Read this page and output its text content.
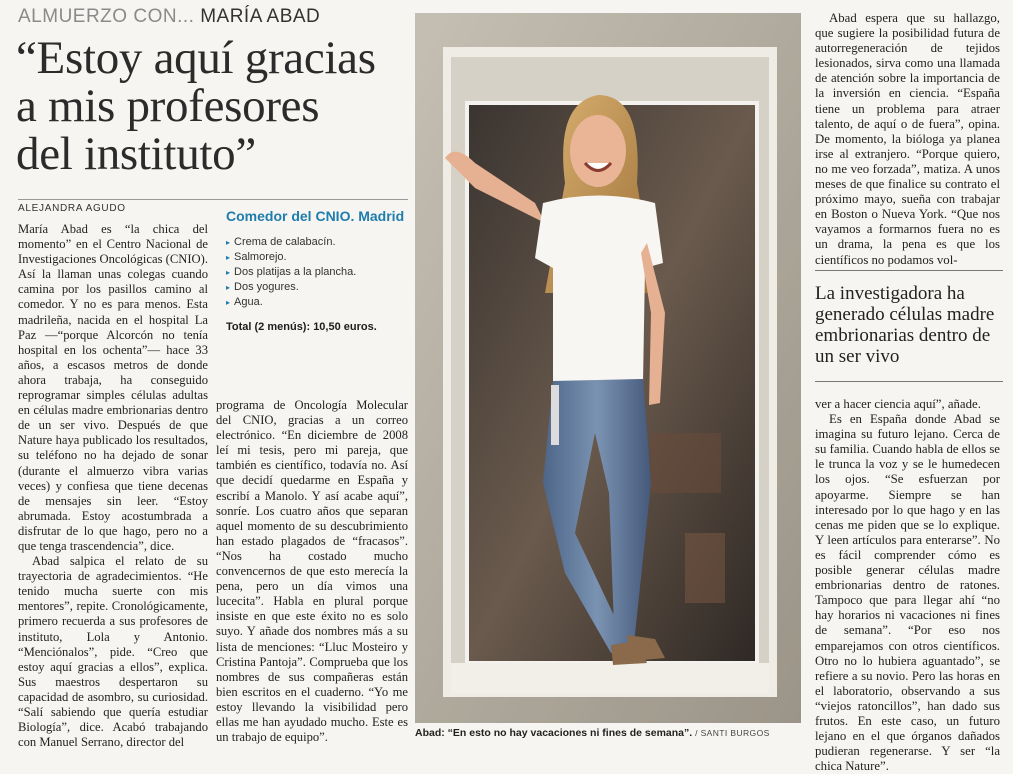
ALMUERZO CON... MARÍA ABAD
“Estoy aquí gracias
a mis profesores
del instituto”
ALEJANDRA AGUDO

María Abad es “la chica del momento” en el Centro Nacional de Investigaciones Oncológicas (CNIO). Así la llaman unas colegas cuando camina por los pasillos camino al comedor. Y no es para menos. Esta madrileña, nacida en el hospital La Paz —“porque Alcorcón no tenía hospital en los ochenta”— hace 33 años, a escasos metros de donde ahora trabaja, ha conseguido reprogramar simples células adultas en células madre embrionarias dentro de un ser vivo. Después de que Nature haya publicado los resultados, su teléfono no ha dejado de sonar (durante el almuerzo vibra varias veces) y confiesa que tiene decenas de mensajes sin leer. “Estoy abrumada. Estoy acostumbrada a disfrutar de lo que hago, pero no a que tenga trascendencia”, dice.

Abad salpica el relato de su trayectoria de agradecimientos. “He tenido mucha suerte con mis mentores”, repite. Cronológicamente, primero recuerda a sus profesores de instituto, Lola y Antonio. “Menciónalos”, pide. “Creo que estoy aquí gracias a ellos”, explica. Sus maestros despertaron su capacidad de asombro, su curiosidad. “Salí sabiendo que quería estudiar Biología”, dice. Acabó trabajando con Manuel Serrano, director del

Comedor del CNIO. Madrid
▸ Crema de calabacín.
▸ Salmorejo.
▸ Dos platijas a la plancha.
▸ Dos yogures.
▸ Agua.
Total (2 menús): 10,50 euros.

programa de Oncología Molecular del CNIO, gracias a un correo electrónico. “En diciembre de 2008 leí mi tesis, pero mi pareja, que también es científico, todavía no. Así que decidí quedarme en España y escribí a Manolo. Y así acabe aquí”, sonríe. Los cuatro años que separan aquel momento de su descubrimiento han estado plagados de “fracasos”. “Nos ha costado mucho convencernos de que esto merecía la pena, pero un día vimos una lucecita”. Habla en plural porque insiste en que este éxito no es solo suyo. Y añade dos nombres más a su lista de menciones: “Lluc Mosteiro y Cristina Pantoja”. Comprueba que los nombres de sus compañeras están bien escritos en el cuaderno. “Yo me estoy llevando la visibilidad pero ellas me han ayudado mucho. Este es un trabajo de equipo”.	Abad: “En esto no hay vacaciones ni fines de semana”. / SANTI BURGOS

Abad espera que su hallazgo, que sugiere la posibilidad futura de autorregeneración de tejidos lesionados, sirva como una llamada de atención sobre la importancia de la inversión en ciencia. “España tiene un problema para atraer talento, de aquí o de fuera”, opina. De momento, la bióloga ya planea irse al extranjero. “Porque quiero, no me veo forzada”, matiza. A unos meses de que finalice su contrato el próximo mayo, sueña con trabajar en Boston o Nueva York. “Que nos vayamos a formarnos fuera no es un drama, la pena es que los científicos no podamos vol-

La investigadora ha generado células madre embrionarias dentro de un ser vivo

ver a hacer ciencia aquí”, añade.

Es en España donde Abad se imagina su futuro lejano. Cerca de su familia. Cuando habla de ellos se le trunca la voz y se le humedecen los ojos. “Se esfuerzan por apoyarme. Siempre se han interesado por lo que hago y en las cenas me piden que se lo explique. Y leen artículos para enterarse”. No es fácil comprender cómo es posible generar células madre embrionarias dentro de ratones. Tampoco que para llegar ahí “no hay horarios ni vacaciones ni fines de semana”. “Por eso nos emparejamos con otros científicos. Otro no lo hubiera aguantado”, se refiere a su novio. Pero las horas en el laboratorio, observando a sus “viejos ratoncillos”, han dado sus frutos. En este caso, un futuro lejano en el que órganos dañados pudieran regenerarse. Y ser “la chica Nature”.
